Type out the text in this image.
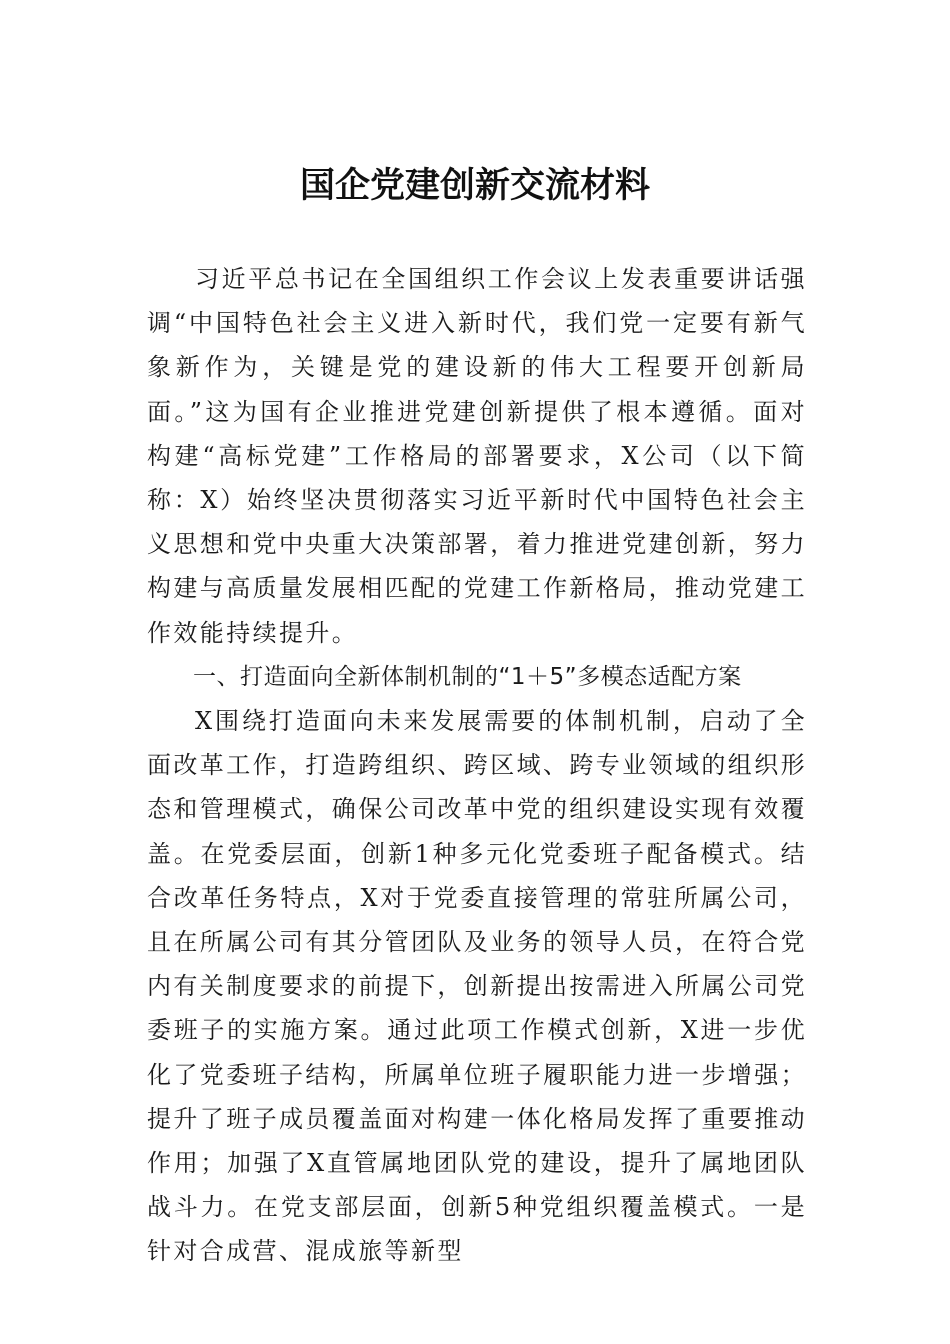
国企党建创新交流材料

习近平总书记在全国组织工作会议上发表重要讲话强调“中国特色社会主义进入新时代，我们党一定要有新气象新作为，关键是党的建设新的伟大工程要开创新局面。”这为国有企业推进党建创新提供了根本遵循。面对构建“高标党建”工作格局的部署要求，X公司（以下简称：X）始终坚决贯彻落实习近平新时代中国特色社会主义思想和党中央重大决策部署，着力推进党建创新，努力构建与高质量发展相匹配的党建工作新格局，推动党建工作效能持续提升。

一、打造面向全新体制机制的“1＋5”多模态适配方案

X围绕打造面向未来发展需要的体制机制，启动了全面改革工作，打造跨组织、跨区域、跨专业领域的组织形态和管理模式，确保公司改革中党的组织建设实现有效覆盖。在党委层面，创新1种多元化党委班子配备模式。结合改革任务特点，X对于党委直接管理的常驻所属公司，且在所属公司有其分管团队及业务的领导人员，在符合党内有关制度要求的前提下，创新提出按需进入所属公司党委班子的实施方案。通过此项工作模式创新，X进一步优化了党委班子结构，所属单位班子履职能力进一步增强；提升了班子成员覆盖面对构建一体化格局发挥了重要推动作用；加强了X直管属地团队党的建设，提升了属地团队战斗力。在党支部层面，创新5种党组织覆盖模式。一是针对合成营、混成旅等新型
